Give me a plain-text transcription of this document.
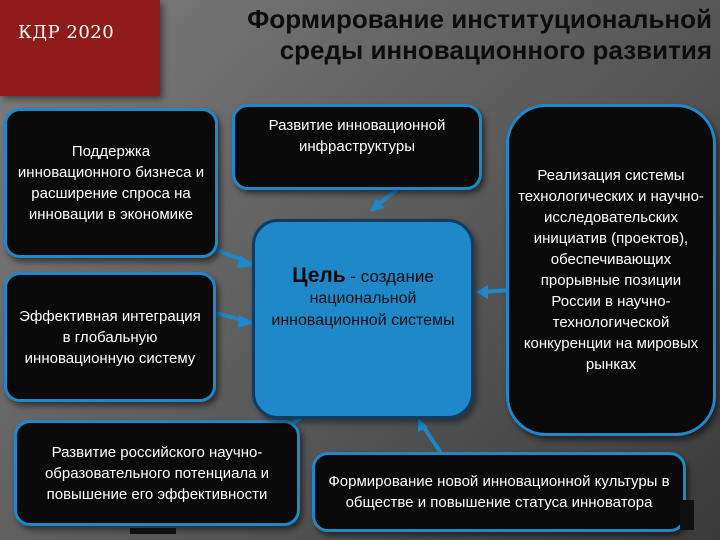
КДР 2020	Формирование институциональной
среды инновационного развития
Поддержка инновационного бизнеса и расширение спроса на инновации в экономике
Эффективная интеграция в глобальную инновационную систему
Развитие российского научно-образовательного потенциала и повышение его эффективности
Развитие инновационной инфраструктуры
Цель - создание
национальной инновационной системы
Реализация системы технологических и научно-исследовательских инициатив (проектов), обеспечивающих прорывные позиции России в научно-технологической конкуренции на мировых рынках
Формирование новой инновационной культуры в обществе и повышение статуса инноватора
